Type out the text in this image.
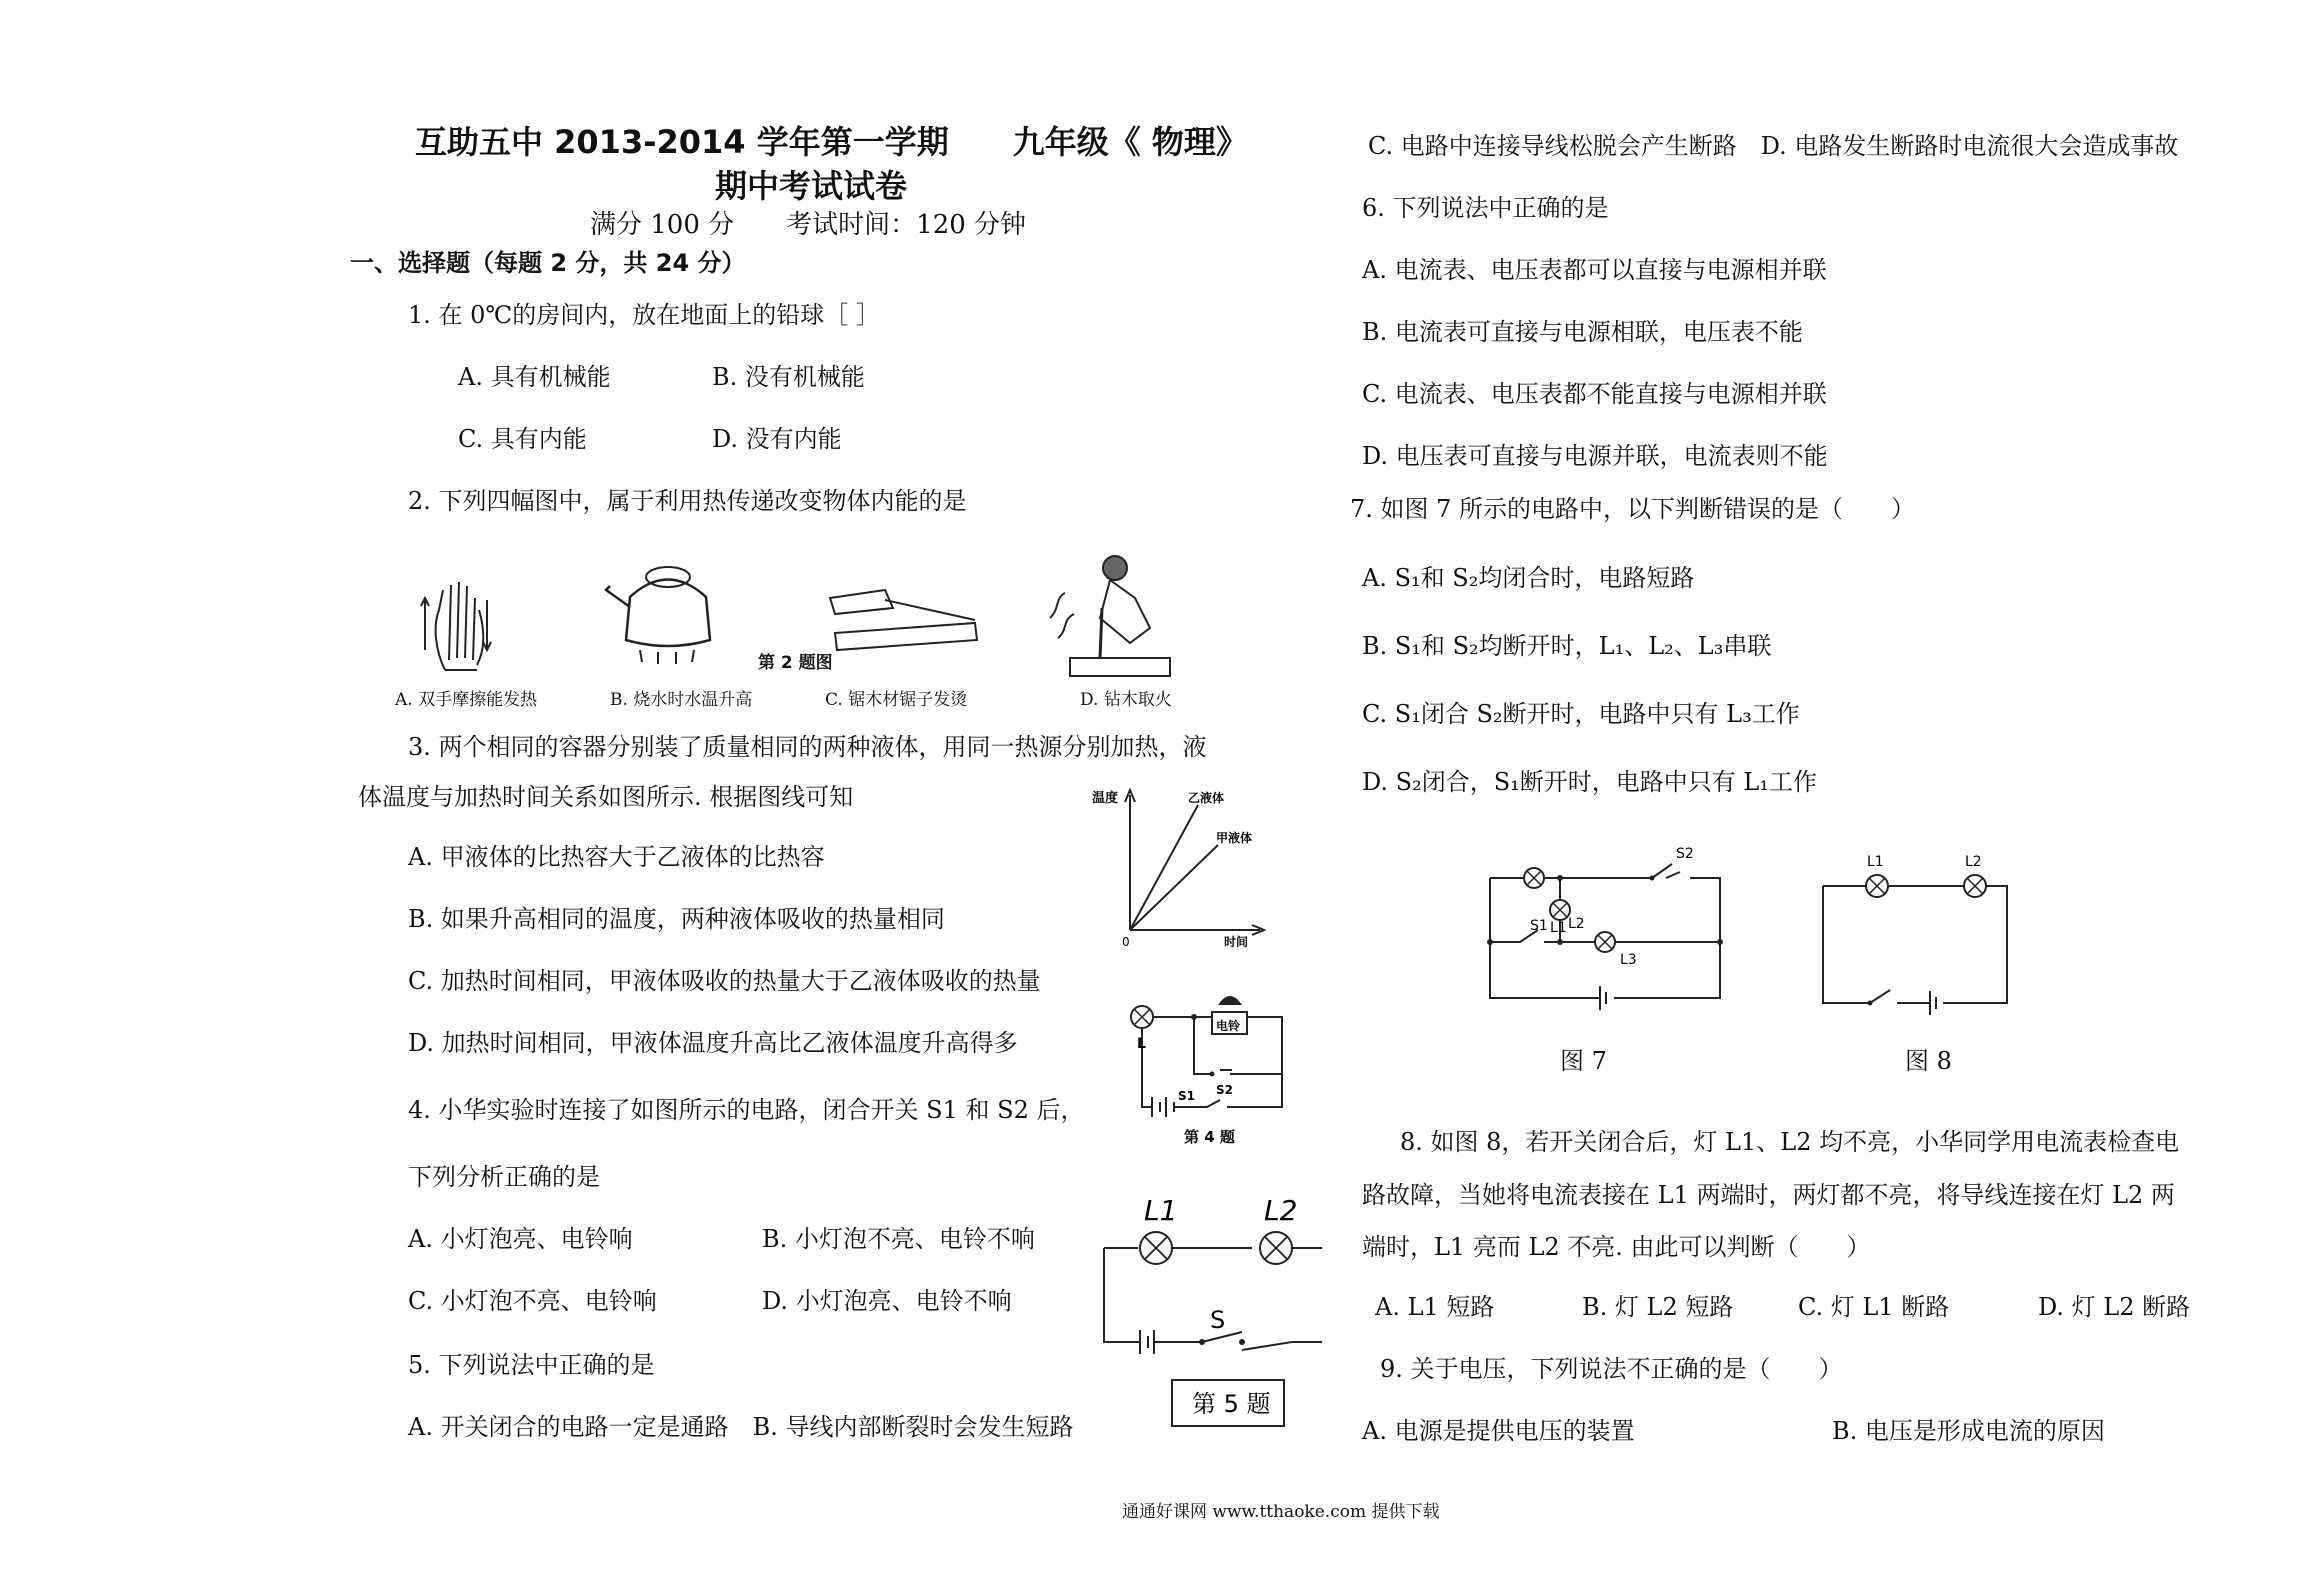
互助五中 2013-2014 学年第一学期　　九年级《 物理》
期中考试试卷
满分 100 分　　考试时间：120 分钟
一、选择题（每题 2 分，共 24 分）
1. 在 0℃的房间内，放在地面上的铅球［ ］
A. 具有机械能	B. 没有机械能
C. 具有内能	D. 没有内能
2. 下列四幅图中，属于利用热传递改变物体内能的是
第 2 题图
A. 双手摩擦能发热	B. 烧水时水温升高	C. 锯木材锯子发烫	D. 钻木取火
3. 两个相同的容器分别装了质量相同的两种液体，用同一热源分别加热，液
体温度与加热时间关系如图所示. 根据图线可知
A. 甲液体的比热容大于乙液体的比热容
B. 如果升高相同的温度，两种液体吸收的热量相同
C. 加热时间相同，甲液体吸收的热量大于乙液体吸收的热量
D. 加热时间相同，甲液体温度升高比乙液体温度升高得多
温度
时间
0
乙液体
甲液体
4. 小华实验时连接了如图所示的电路，闭合开关 S1 和 S2 后，
下列分析正确的是
A. 小灯泡亮、电铃响	B. 小灯泡不亮、电铃不响
C. 小灯泡不亮、电铃响	D. 小灯泡亮、电铃不响
L
电铃
S2
S1
第 4 题
5. 下列说法中正确的是
A. 开关闭合的电路一定是通路　B. 导线内部断裂时会发生短路
L1	L2
S
第 5 题
C. 电路中连接导线松脱会产生断路　D. 电路发生断路时电流很大会造成事故
6. 下列说法中正确的是
A. 电流表、电压表都可以直接与电源相并联
B. 电流表可直接与电源相联，电压表不能
C. 电流表、电压表都不能直接与电源相并联
D. 电压表可直接与电源并联，电流表则不能
7. 如图 7 所示的电路中，以下判断错误的是（　　）
A. S₁和 S₂均闭合时，电路短路
B. S₁和 S₂均断开时，L₁、L₂、L₃串联
C. S₁闭合 S₂断开时，电路中只有 L₃工作
D. S₂闭合，S₁断开时，电路中只有 L₁工作
L1 L2
L3
S1
S2
图 7
L1	L2
图 8
8. 如图 8，若开关闭合后，灯 L1、L2 均不亮，小华同学用电流表检查电
路故障，当她将电流表接在 L1 两端时，两灯都不亮，将导线连接在灯 L2 两
端时，L1 亮而 L2 不亮. 由此可以判断（　　）
A. L1 短路	B. 灯 L2 短路	C. 灯 L1 断路	D. 灯 L2 断路
9. 关于电压，下列说法不正确的是（　　）
A. 电源是提供电压的装置	B. 电压是形成电流的原因
通通好课网 www.tthaoke.com 提供下载
